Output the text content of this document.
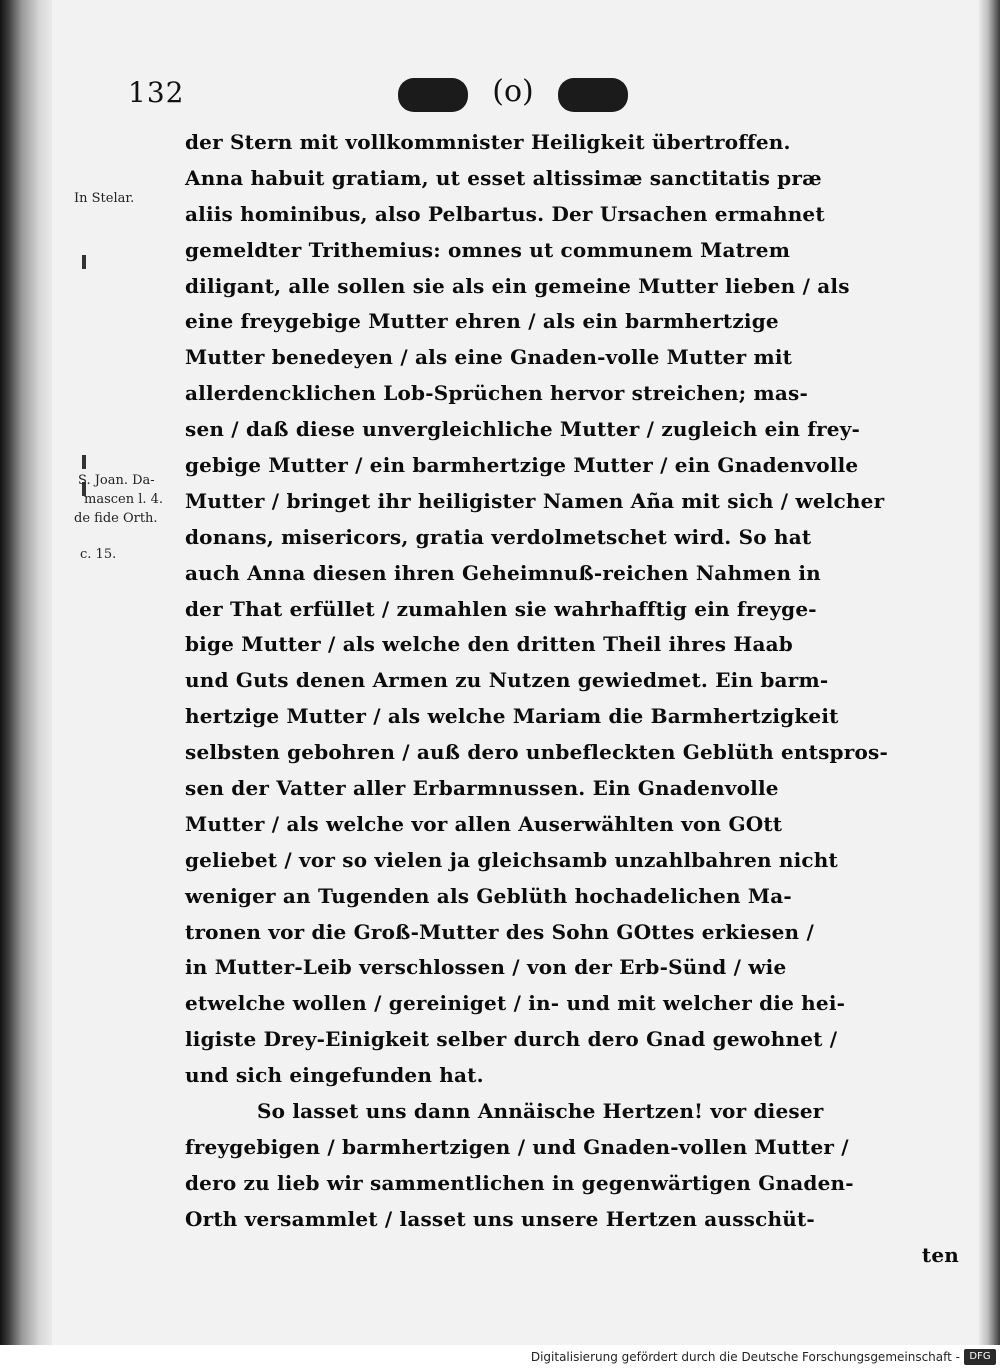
132	(o)
In Stelar.
S. Joan. Da-
mascen l. 4.
de fide Orth.
c. 15.
der Stern mit vollkommnister Heiligkeit übertroffen.
Anna habuit gratiam, ut esset altissimæ sanctitatis præ
aliis hominibus, also Pelbartus. Der Ursachen ermahnet
gemeldter Trithemius: omnes ut communem Matrem
diligant, alle sollen sie als ein gemeine Mutter lieben / als
eine freygebige Mutter ehren / als ein barmhertzige
Mutter benedeyen / als eine Gnaden-volle Mutter mit
allerdencklichen Lob-Sprüchen hervor streichen; mas-
sen / daß diese unvergleichliche Mutter / zugleich ein frey-
gebige Mutter / ein barmhertzige Mutter / ein Gnadenvolle
Mutter / bringet ihr heiligister Namen Aña mit sich / welcher
donans, misericors, gratia verdolmetschet wird. So hat
auch Anna diesen ihren Geheimnuß-reichen Nahmen in
der That erfüllet / zumahlen sie wahrhafftig ein freyge-
bige Mutter / als welche den dritten Theil ihres Haab
und Guts denen Armen zu Nutzen gewiedmet. Ein barm-
hertzige Mutter / als welche Mariam die Barmhertzigkeit
selbsten gebohren / auß dero unbefleckten Geblüth entspros-
sen der Vatter aller Erbarmnussen. Ein Gnadenvolle
Mutter / als welche vor allen Auserwählten von GOtt
geliebet / vor so vielen ja gleichsamb unzahlbahren nicht
weniger an Tugenden als Geblüth hochadelichen Ma-
tronen vor die Groß-Mutter des Sohn GOttes erkiesen /
in Mutter-Leib verschlossen / von der Erb-Sünd / wie
etwelche wollen / gereiniget / in- und mit welcher die hei-
ligiste Drey-Einigkeit selber durch dero Gnad gewohnet /
und sich eingefunden hat.
So lasset uns dann Annäische Hertzen! vor dieser
freygebigen / barmhertzigen / und Gnaden-vollen Mutter /
dero zu lieb wir sammentlichen in gegenwärtigen Gnaden-
Orth versammlet / lasset uns unsere Hertzen ausschüt-
ten
Digitalisierung gefördert durch die Deutsche Forschungsgemeinschaft - DFG
